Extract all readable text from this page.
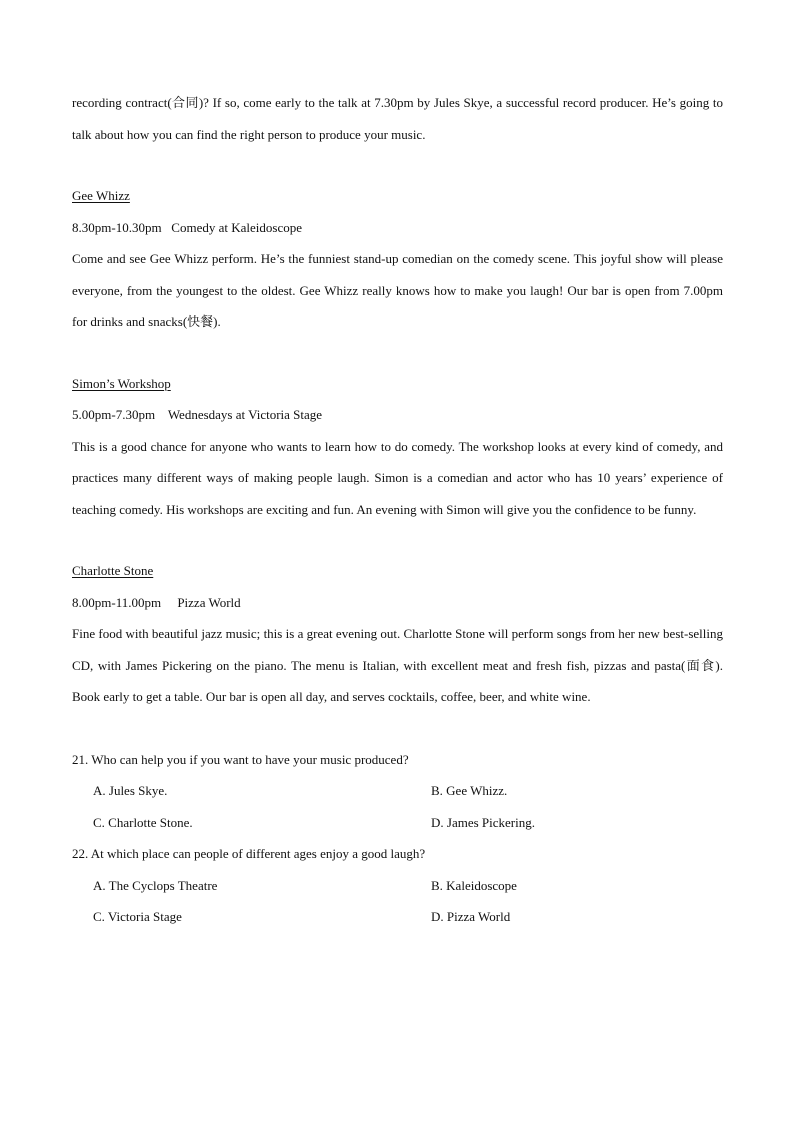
recording contract(合同)? If so, come early to the talk at 7.30pm by Jules Skye, a successful record producer. He’s going to talk about how you can find the right person to produce your music.

Gee Whizz

8.30pm-10.30pm   Comedy at Kaleidoscope

Come and see Gee Whizz perform. He’s the funniest stand-up comedian on the comedy scene. This joyful show will please everyone, from the youngest to the oldest. Gee Whizz really knows how to make you laugh! Our bar is open from 7.00pm for drinks and snacks(快餐).

Simon’s Workshop

5.00pm-7.30pm    Wednesdays at Victoria Stage

This is a good chance for anyone who wants to learn how to do comedy. The workshop looks at every kind of comedy, and practices many different ways of making people laugh. Simon is a comedian and actor who has 10 years’ experience of teaching comedy. His workshops are exciting and fun. An evening with Simon will give you the confidence to be funny.

Charlotte Stone

8.00pm-11.00pm     Pizza World

Fine food with beautiful jazz music; this is a great evening out. Charlotte Stone will perform songs from her new best-selling CD, with James Pickering on the piano. The menu is Italian, with excellent meat and fresh fish, pizzas and pasta(面食). Book early to get a table. Our bar is open all day, and serves cocktails, coffee, beer, and white wine.

21. Who can help you if you want to have your music produced?

A. Jules Skye.	B. Gee Whizz.
C. Charlotte Stone.	D. James Pickering.

22. At which place can people of different ages enjoy a good laugh?

A. The Cyclops Theatre	B. Kaleidoscope
C. Victoria Stage	D. Pizza World
